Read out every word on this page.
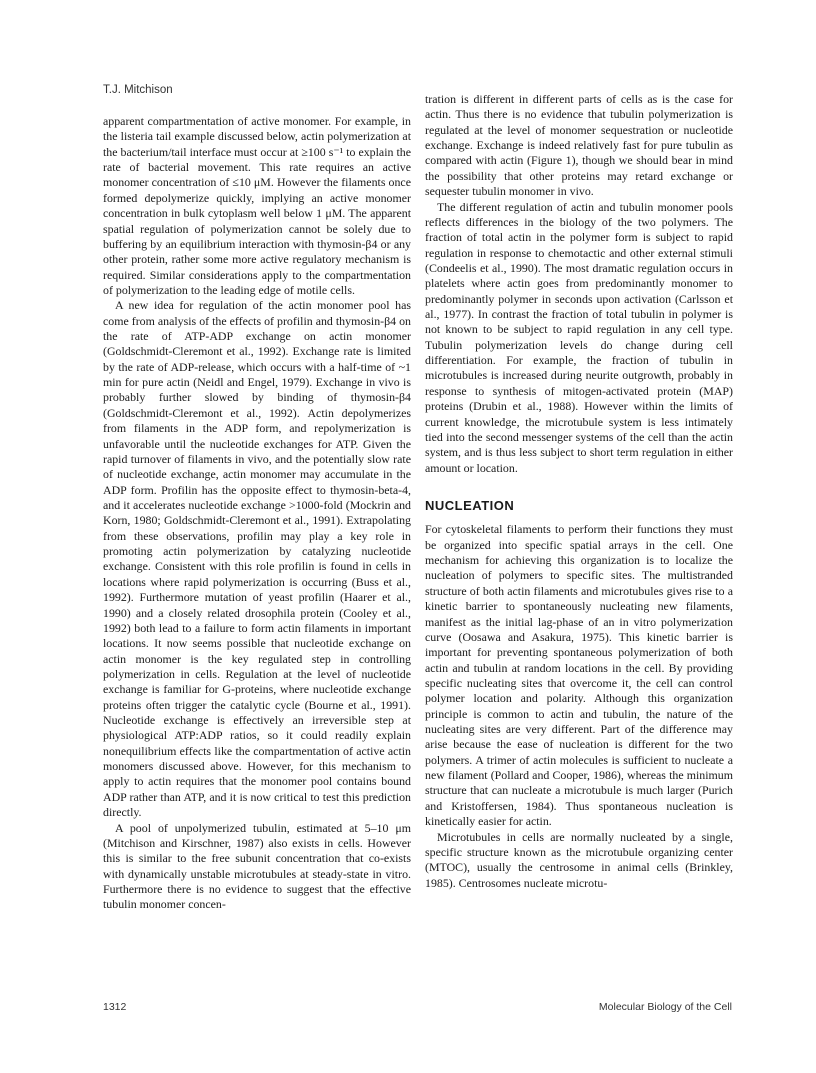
T.J. Mitchison

apparent compartmentation of active monomer. For example, in the listeria tail example discussed below, actin polymerization at the bacterium/tail interface must occur at ≥100 s⁻¹ to explain the rate of bacterial movement. This rate requires an active monomer concentration of ≤10 μM. However the filaments once formed depolymerize quickly, implying an active monomer concentration in bulk cytoplasm well below 1 μM. The apparent spatial regulation of polymerization cannot be solely due to buffering by an equilibrium interaction with thymosin-β4 or any other protein, rather some more active regulatory mechanism is required. Similar considerations apply to the compartmentation of polymerization to the leading edge of motile cells.

A new idea for regulation of the actin monomer pool has come from analysis of the effects of profilin and thymosin-β4 on the rate of ATP-ADP exchange on actin monomer (Goldschmidt-Cleremont et al., 1992). Exchange rate is limited by the rate of ADP-release, which occurs with a half-time of ~1 min for pure actin (Neidl and Engel, 1979). Exchange in vivo is probably further slowed by binding of thymosin-β4 (Goldschmidt-Cleremont et al., 1992). Actin depolymerizes from filaments in the ADP form, and repolymerization is unfavorable until the nucleotide exchanges for ATP. Given the rapid turnover of filaments in vivo, and the potentially slow rate of nucleotide exchange, actin monomer may accumulate in the ADP form. Profilin has the opposite effect to thymosin-beta-4, and it accelerates nucleotide exchange >1000-fold (Mockrin and Korn, 1980; Goldschmidt-Cleremont et al., 1991). Extrapolating from these observations, profilin may play a key role in promoting actin polymerization by catalyzing nucleotide exchange. Consistent with this role profilin is found in cells in locations where rapid polymerization is occurring (Buss et al., 1992). Furthermore mutation of yeast profilin (Haarer et al., 1990) and a closely related drosophila protein (Cooley et al., 1992) both lead to a failure to form actin filaments in important locations. It now seems possible that nucleotide exchange on actin monomer is the key regulated step in controlling polymerization in cells. Regulation at the level of nucleotide exchange is familiar for G-proteins, where nucleotide exchange proteins often trigger the catalytic cycle (Bourne et al., 1991). Nucleotide exchange is effectively an irreversible step at physiological ATP:ADP ratios, so it could readily explain nonequilibrium effects like the compartmentation of active actin monomers discussed above. However, for this mechanism to apply to actin requires that the monomer pool contains bound ADP rather than ATP, and it is now critical to test this prediction directly.

A pool of unpolymerized tubulin, estimated at 5–10 μm (Mitchison and Kirschner, 1987) also exists in cells. However this is similar to the free subunit concentration that co-exists with dynamically unstable microtubules at steady-state in vitro. Furthermore there is no evidence to suggest that the effective tubulin monomer concen-

tration is different in different parts of cells as is the case for actin. Thus there is no evidence that tubulin polymerization is regulated at the level of monomer sequestration or nucleotide exchange. Exchange is indeed relatively fast for pure tubulin as compared with actin (Figure 1), though we should bear in mind the possibility that other proteins may retard exchange or sequester tubulin monomer in vivo.

The different regulation of actin and tubulin monomer pools reflects differences in the biology of the two polymers. The fraction of total actin in the polymer form is subject to rapid regulation in response to chemotactic and other external stimuli (Condeelis et al., 1990). The most dramatic regulation occurs in platelets where actin goes from predominantly monomer to predominantly polymer in seconds upon activation (Carlsson et al., 1977). In contrast the fraction of total tubulin in polymer is not known to be subject to rapid regulation in any cell type. Tubulin polymerization levels do change during cell differentiation. For example, the fraction of tubulin in microtubules is increased during neurite outgrowth, probably in response to synthesis of mitogen-activated protein (MAP) proteins (Drubin et al., 1988). However within the limits of current knowledge, the microtubule system is less intimately tied into the second messenger systems of the cell than the actin system, and is thus less subject to short term regulation in either amount or location.

NUCLEATION

For cytoskeletal filaments to perform their functions they must be organized into specific spatial arrays in the cell. One mechanism for achieving this organization is to localize the nucleation of polymers to specific sites. The multistranded structure of both actin filaments and microtubules gives rise to a kinetic barrier to spontaneously nucleating new filaments, manifest as the initial lag-phase of an in vitro polymerization curve (Oosawa and Asakura, 1975). This kinetic barrier is important for preventing spontaneous polymerization of both actin and tubulin at random locations in the cell. By providing specific nucleating sites that overcome it, the cell can control polymer location and polarity. Although this organization principle is common to actin and tubulin, the nature of the nucleating sites are very different. Part of the difference may arise because the ease of nucleation is different for the two polymers. A trimer of actin molecules is sufficient to nucleate a new filament (Pollard and Cooper, 1986), whereas the minimum structure that can nucleate a microtubule is much larger (Purich and Kristoffersen, 1984). Thus spontaneous nucleation is kinetically easier for actin.

Microtubules in cells are normally nucleated by a single, specific structure known as the microtubule organizing center (MTOC), usually the centrosome in animal cells (Brinkley, 1985). Centrosomes nucleate microtu-

1312	Molecular Biology of the Cell
